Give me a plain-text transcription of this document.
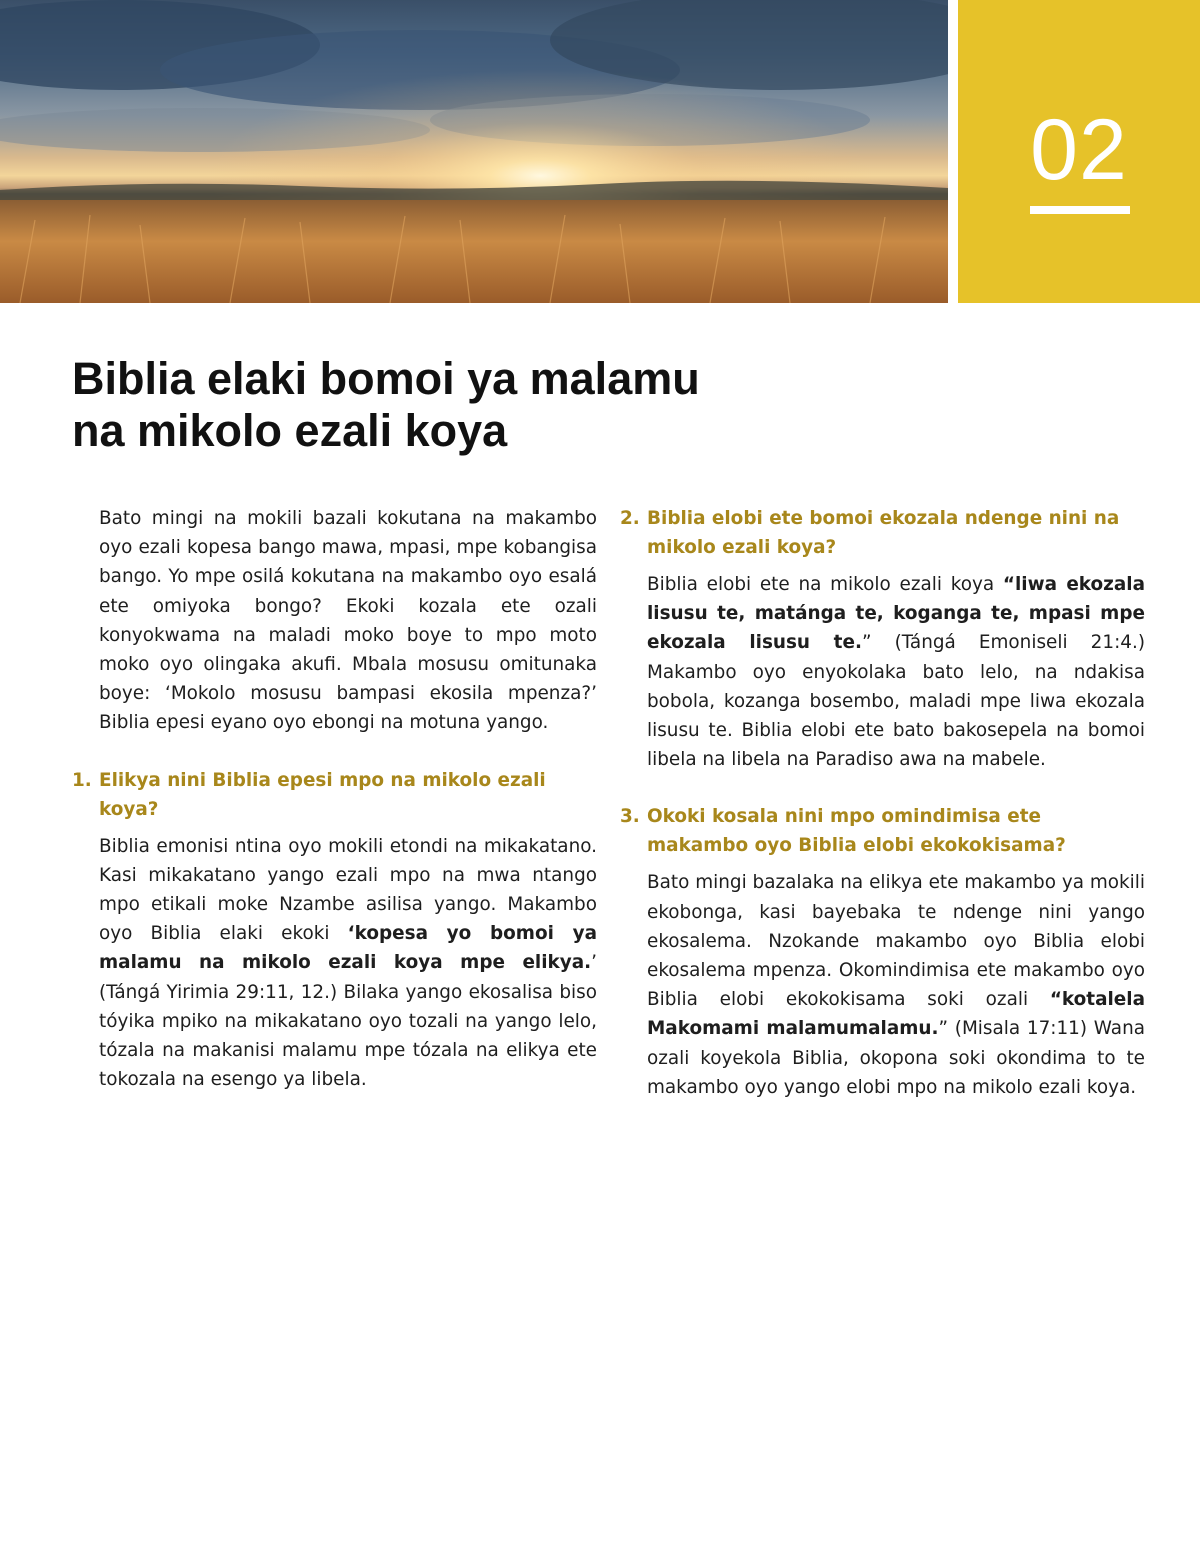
02
Biblia elaki bomoi ya malamu
na mikolo ezali koya

Bato mingi na mokili bazali kokutana na makambo oyo ezali kopesa bango mawa, mpasi, mpe kobangisa bango. Yo mpe osilá kokutana na makambo oyo esalá ete omiyoka bongo? Ekoki kozala ete ozali konyokwama na maladi moko boye to mpo moto moko oyo olingaka akufi. Mbala mosusu omitunaka boye: ‘Mokolo mosusu bampasi ekosila mpenza?’ Biblia epesi eyano oyo ebongi na motuna yango.

1. Elikya nini Biblia epesi mpo na mikolo ezali koya?

Biblia emonisi ntina oyo mokili etondi na mikakatano. Kasi mikakatano yango ezali mpo na mwa ntango mpo etikali moke Nzambe asilisa yango. Makambo oyo Biblia elaki ekoki ‘kopesa yo bomoi ya malamu na mikolo ezali koya mpe elikya.’ (Tángá Yirimia 29:11, 12.) Bilaka yango ekosalisa biso tóyika mpiko na mikakatano oyo tozali na yango lelo, tózala na makanisi malamu mpe tózala na elikya ete tokozala na esengo ya libela.

2. Biblia elobi ete bomoi ekozala ndenge nini na mikolo ezali koya?

Biblia elobi ete na mikolo ezali koya “liwa ekozala lisusu te, matánga te, koganga te, mpasi mpe ekozala lisusu te.” (Tángá Emoniseli 21:4.) Makambo oyo enyokolaka bato lelo, na ndakisa bobola, kozanga bosembo, maladi mpe liwa ekozala lisusu te. Biblia elobi ete bato bakosepela na bomoi libela na libela na Paradiso awa na mabele.

3. Okoki kosala nini mpo omindimisa ete makambo oyo Biblia elobi ekokokisama?

Bato mingi bazalaka na elikya ete makambo ya mokili ekobonga, kasi bayebaka te ndenge nini yango ekosalema. Nzokande makambo oyo Biblia elobi ekosalema mpenza. Okomindimisa ete makambo oyo Biblia elobi ekokokisama soki ozali “kotalela Makomami malamumalamu.” (Misala 17:11) Wana ozali koyekola Biblia, okopona soki okondima to te makambo oyo yango elobi mpo na mikolo ezali koya.
